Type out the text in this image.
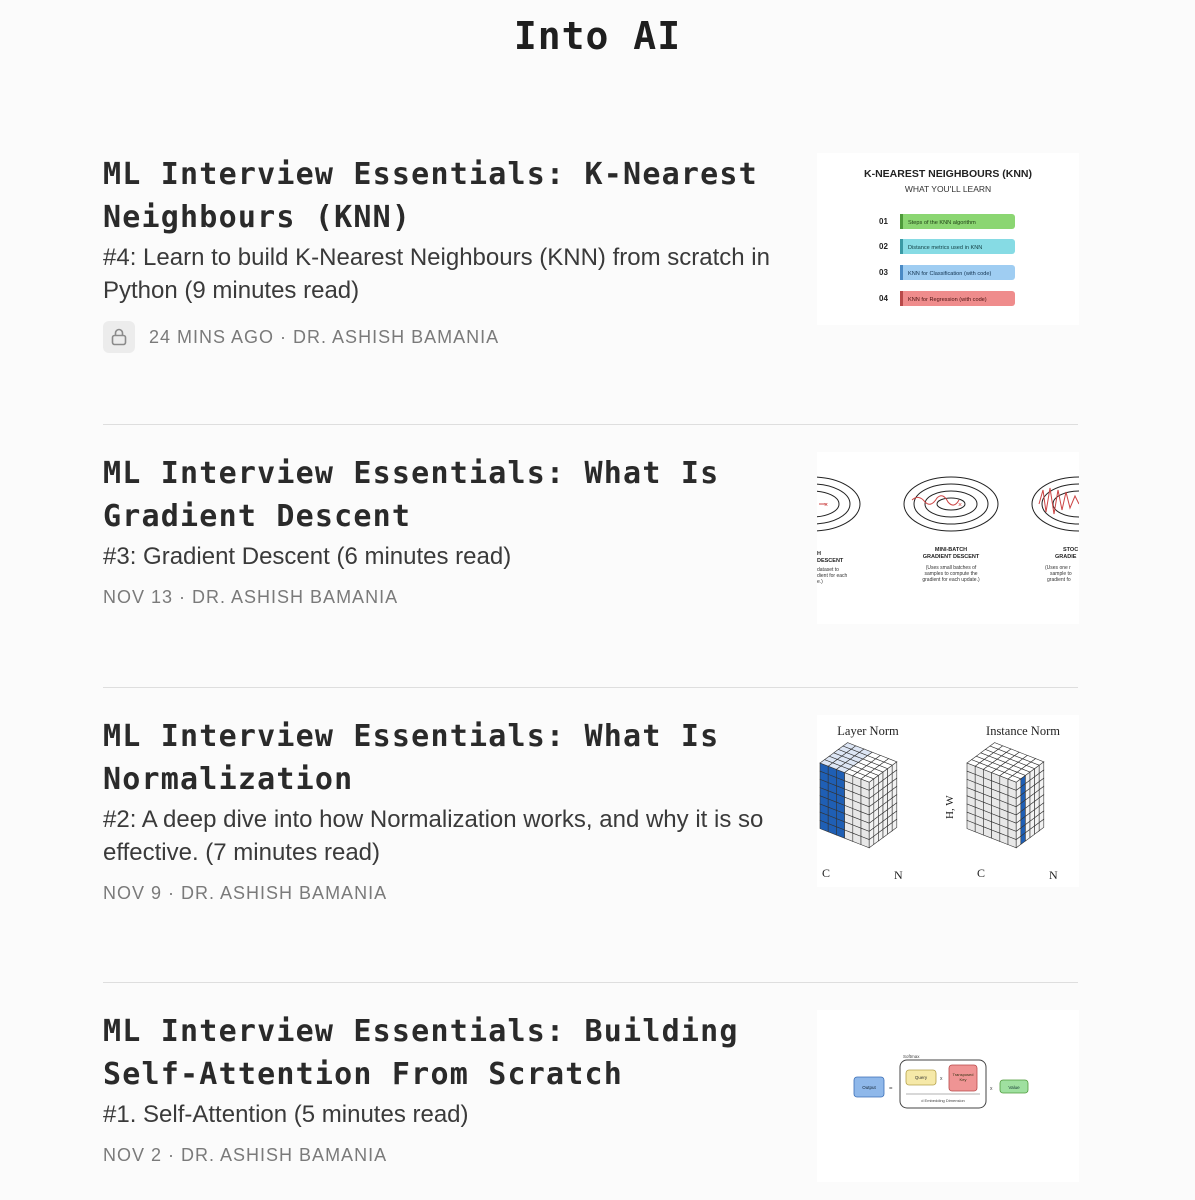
Into AI
ML Interview Essentials: K-Nearest Neighbours (KNN)
#4: Learn to build K-Nearest Neighbours (KNN) from scratch in Python (9 minutes read)
24 MINS AGO · DR. ASHISH BAMANIA
K-NEAREST NEIGHBOURS (KNN)
WHAT YOU'LL LEARN
01	Steps of the KNN algorithm
02	Distance metrics used in KNN
03	KNN for Classification (with code)
04	KNN for Regression (with code)
ML Interview Essentials: What Is Gradient Descent
#3: Gradient Descent (6 minutes read)
NOV 13 · DR. ASHISH BAMANIA
×
H DESCENT
dataset to dient for each e.)
×
MINI-BATCH GRADIENT DESCENT
(Uses small batches of samples to compute the gradient for each update.)
STOC GRADIE
(Uses one r sample to gradient fo
ML Interview Essentials: What Is Normalization
#2: A deep dive into how Normalization works, and why it is so effective. (7 minutes read)
NOV 9 · DR. ASHISH BAMANIA
Layer Norm	Instance Norm
C	N	C	N
H, W
ML Interview Essentials: Building Self-Attention From Scratch
#1. Self-Attention (5 minutes read)
NOV 2 · DR. ASHISH BAMANIA
Softmax
Output =
Query	x
Transposed Key
d Embedding Dimension
x	Value
